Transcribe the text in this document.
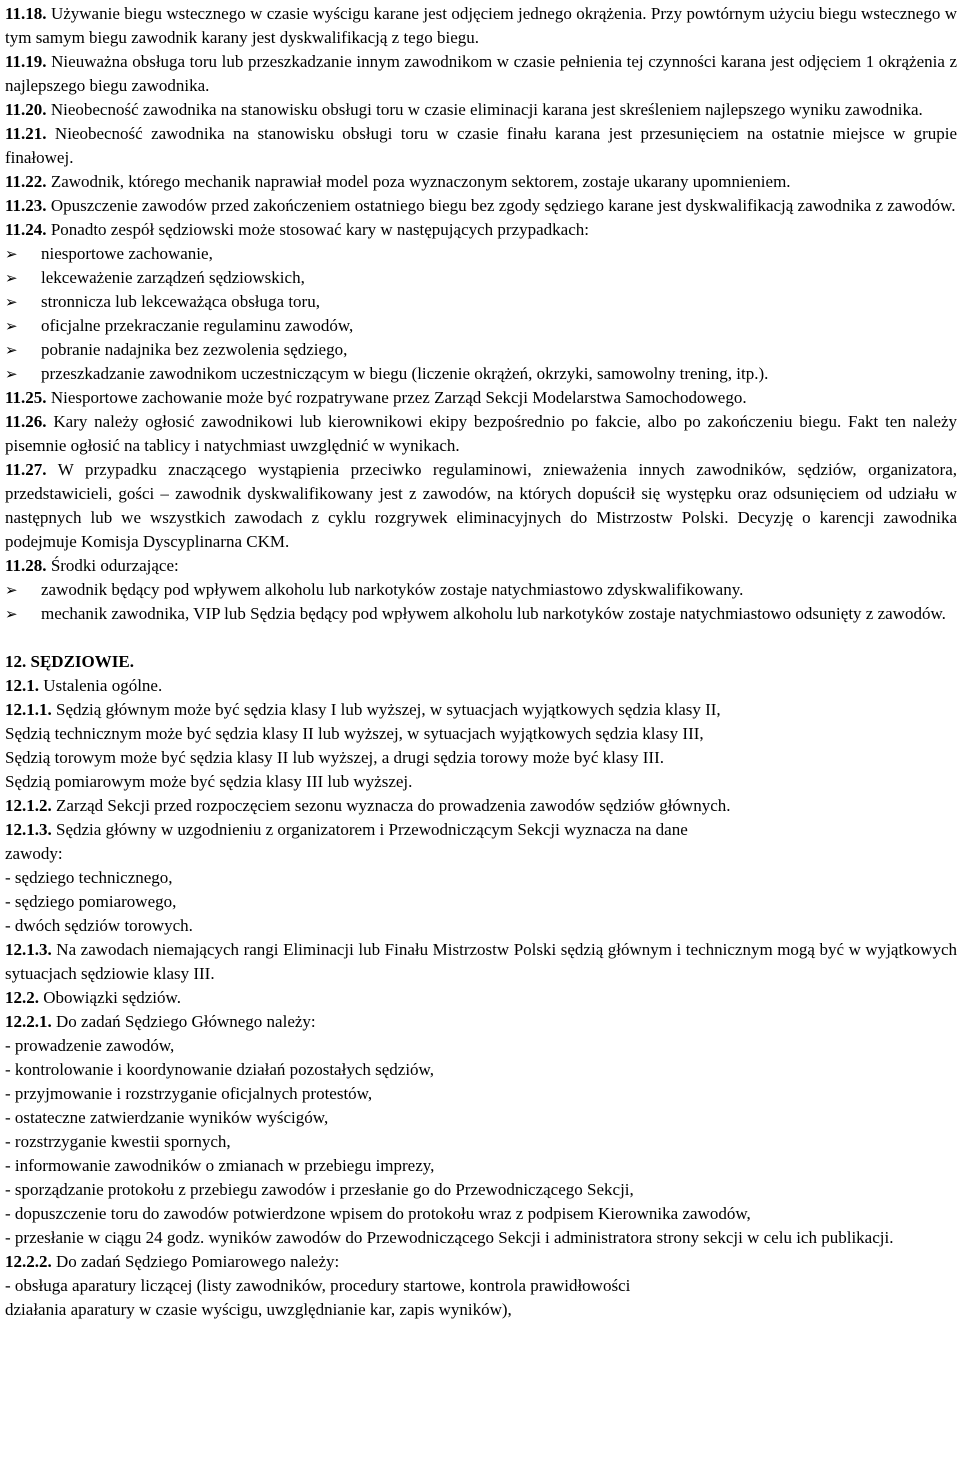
11.18. Używanie biegu wstecznego w czasie wyścigu karane jest odjęciem jednego okrążenia. Przy powtórnym użyciu biegu wstecznego w tym samym biegu zawodnik karany jest dyskwalifikacją z tego biegu.

11.19. Nieuważna obsługa toru lub przeszkadzanie innym zawodnikom w czasie pełnienia tej czynności karana jest odjęciem 1 okrążenia z najlepszego biegu zawodnika.

11.20. Nieobecność zawodnika na stanowisku obsługi toru w czasie eliminacji karana jest skreśleniem najlepszego wyniku zawodnika.

11.21. Nieobecność zawodnika na stanowisku obsługi toru w czasie finału karana jest przesunięciem na ostatnie miejsce w grupie finałowej.

11.22. Zawodnik, którego mechanik naprawiał model poza wyznaczonym sektorem, zostaje ukarany upomnieniem.

11.23. Opuszczenie zawodów przed zakończeniem ostatniego biegu bez zgody sędziego karane jest dyskwalifikacją zawodnika z zawodów.

11.24. Ponadto zespół sędziowski może stosować kary w następujących przypadkach:

➢ niesportowe zachowanie,
➢ lekceważenie zarządzeń sędziowskich,
➢ stronnicza lub lekceważąca obsługa toru,
➢ oficjalne przekraczanie regulaminu zawodów,
➢ pobranie nadajnika bez zezwolenia sędziego,
➢ przeszkadzanie zawodnikom uczestniczącym w biegu (liczenie okrążeń, okrzyki, samowolny trening, itp.).

11.25. Niesportowe zachowanie może być rozpatrywane przez Zarząd Sekcji Modelarstwa Samochodowego.

11.26. Kary należy ogłosić zawodnikowi lub kierownikowi ekipy bezpośrednio po fakcie, albo po zakończeniu biegu. Fakt ten należy pisemnie ogłosić na tablicy i natychmiast uwzględnić w wynikach.

11.27. W przypadku znaczącego wystąpienia przeciwko regulaminowi, znieważenia innych zawodników, sędziów, organizatora, przedstawicieli, gości – zawodnik dyskwalifikowany jest z zawodów, na których dopuścił się występku oraz odsunięciem od udziału w następnych lub we wszystkich zawodach z cyklu rozgrywek eliminacyjnych do Mistrzostw Polski. Decyzję o karencji zawodnika podejmuje Komisja Dyscyplinarna CKM.

11.28. Środki odurzające:

➢ zawodnik będący pod wpływem alkoholu lub narkotyków zostaje natychmiastowo zdyskwalifikowany.
➢ mechanik zawodnika, VIP lub Sędzia będący pod wpływem alkoholu lub narkotyków zostaje natychmiastowo odsunięty z zawodów.

12. SĘDZIOWIE.

12.1. Ustalenia ogólne.

12.1.1. Sędzią głównym może być sędzia klasy I lub wyższej, w sytuacjach wyjątkowych sędzia klasy II,

Sędzią technicznym może być sędzia klasy II lub wyższej, w sytuacjach wyjątkowych sędzia klasy III,

Sędzią torowym może być sędzia klasy II lub wyższej, a drugi sędzia torowy może być klasy III.

Sędzią pomiarowym może być sędzia klasy III lub wyższej.

12.1.2. Zarząd Sekcji przed rozpoczęciem sezonu wyznacza do prowadzenia zawodów sędziów głównych.

12.1.3. Sędzia główny w uzgodnieniu z organizatorem i Przewodniczącym Sekcji wyznacza na dane

zawody:

- sędziego technicznego,

- sędziego pomiarowego,

- dwóch sędziów torowych.

12.1.3. Na zawodach niemających rangi Eliminacji lub Finału Mistrzostw Polski sędzią głównym i technicznym mogą być w wyjątkowych sytuacjach sędziowie klasy III.

12.2. Obowiązki sędziów.

12.2.1. Do zadań Sędziego Głównego należy:

- prowadzenie zawodów,

- kontrolowanie i koordynowanie działań pozostałych sędziów,

- przyjmowanie i rozstrzyganie oficjalnych protestów,

- ostateczne zatwierdzanie wyników wyścigów,

- rozstrzyganie kwestii spornych,

- informowanie zawodników o zmianach w przebiegu imprezy,

- sporządzanie protokołu z przebiegu zawodów i przesłanie go do Przewodniczącego Sekcji,

- dopuszczenie toru do zawodów potwierdzone wpisem do protokołu wraz z podpisem Kierownika zawodów,

- przesłanie w ciągu 24 godz. wyników zawodów do Przewodniczącego Sekcji i administratora strony sekcji w celu ich publikacji.

12.2.2. Do zadań Sędziego Pomiarowego należy:

- obsługa aparatury liczącej (listy zawodników, procedury startowe, kontrola prawidłowości

działania aparatury w czasie wyścigu, uwzględnianie kar, zapis wyników),
